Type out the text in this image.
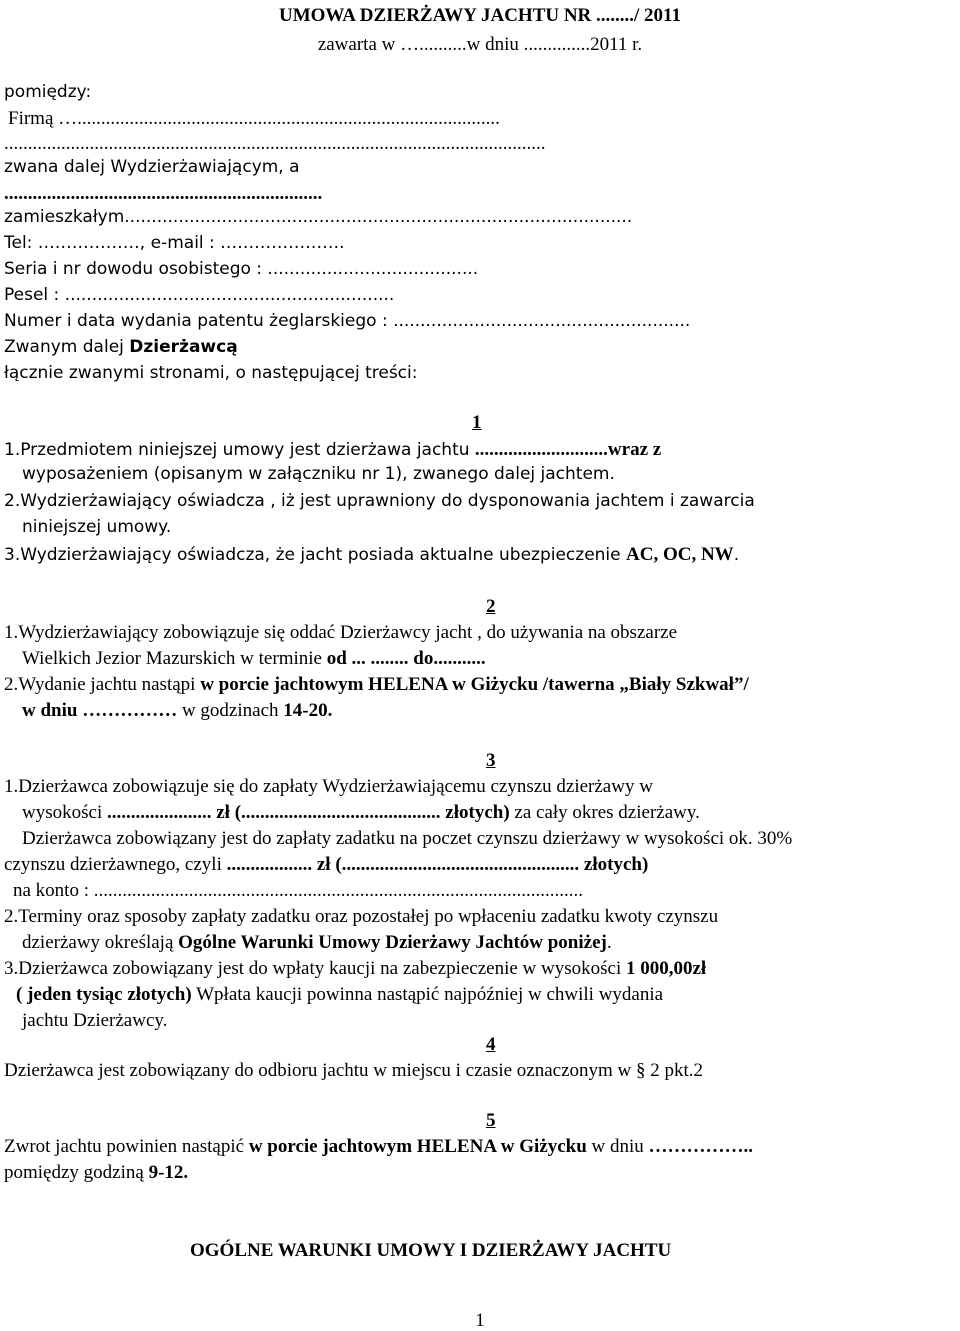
UMOWA DZIERŻAWY JACHTU NR ......../ 2011
zawarta w …..........w dniu ..............2011 r.
pomiędzy:
Firmą ….........................................................................................
..................................................................................................................
zwana dalej Wydzierżawiającym, a
...................................................................
zamieszkałym..............................................................................................
Tel: ………………, e-mail : ………………….
Seria i nr dowodu osobistego : .......................................
Pesel : .............................................................
Numer i data wydania patentu żeglarskiego : .......................................................
Zwanym dalej Dzierżawcą
łącznie zwanymi stronami, o następującej treści:
1
1.Przedmiotem niniejszej umowy jest dzierżawa jachtu ............................wraz z
wyposażeniem (opisanym w załączniku nr 1), zwanego dalej jachtem.
2.Wydzierżawiający oświadcza , iż jest uprawniony do dysponowania jachtem i zawarcia
niniejszej umowy.
3.Wydzierżawiający oświadcza, że jacht posiada aktualne ubezpieczenie AC, OC, NW.
2
1.Wydzierżawiający zobowiązuje się oddać Dzierżawcy jacht , do używania na obszarze
Wielkich Jezior Mazurskich w terminie od ... ........ do...........
2.Wydanie jachtu nastąpi w porcie jachtowym HELENA w Giżycku /tawerna „Biały Szkwał”/
w dniu …………… w godzinach 14-20.
3
1.Dzierżawca zobowiązuje się do zapłaty Wydzierżawiającemu czynszu dzierżawy w
wysokości ...................... zł (.......................................... złotych) za cały okres dzierżawy.
Dzierżawca zobowiązany jest do zapłaty zadatku na poczet czynszu dzierżawy w wysokości ok. 30%
czynszu dzierżawnego, czyli .................. zł (.................................................. złotych)
na konto : .......................................................................................................
2.Terminy oraz sposoby zapłaty zadatku oraz pozostałej po wpłaceniu zadatku kwoty czynszu
dzierżawy określają Ogólne Warunki Umowy Dzierżawy Jachtów poniżej.
3.Dzierżawca zobowiązany jest do wpłaty kaucji na zabezpieczenie w wysokości 1 000,00zł
( jeden tysiąc złotych) Wpłata kaucji powinna nastąpić najpóźniej w chwili wydania
jachtu Dzierżawcy.
4
Dzierżawca jest zobowiązany do odbioru jachtu w miejscu i czasie oznaczonym w § 2 pkt.2
5
Zwrot jachtu powinien nastąpić w porcie jachtowym HELENA w Giżycku w dniu ……………..
pomiędzy godziną 9-12.
OGÓLNE WARUNKI UMOWY I DZIERŻAWY JACHTU
1
